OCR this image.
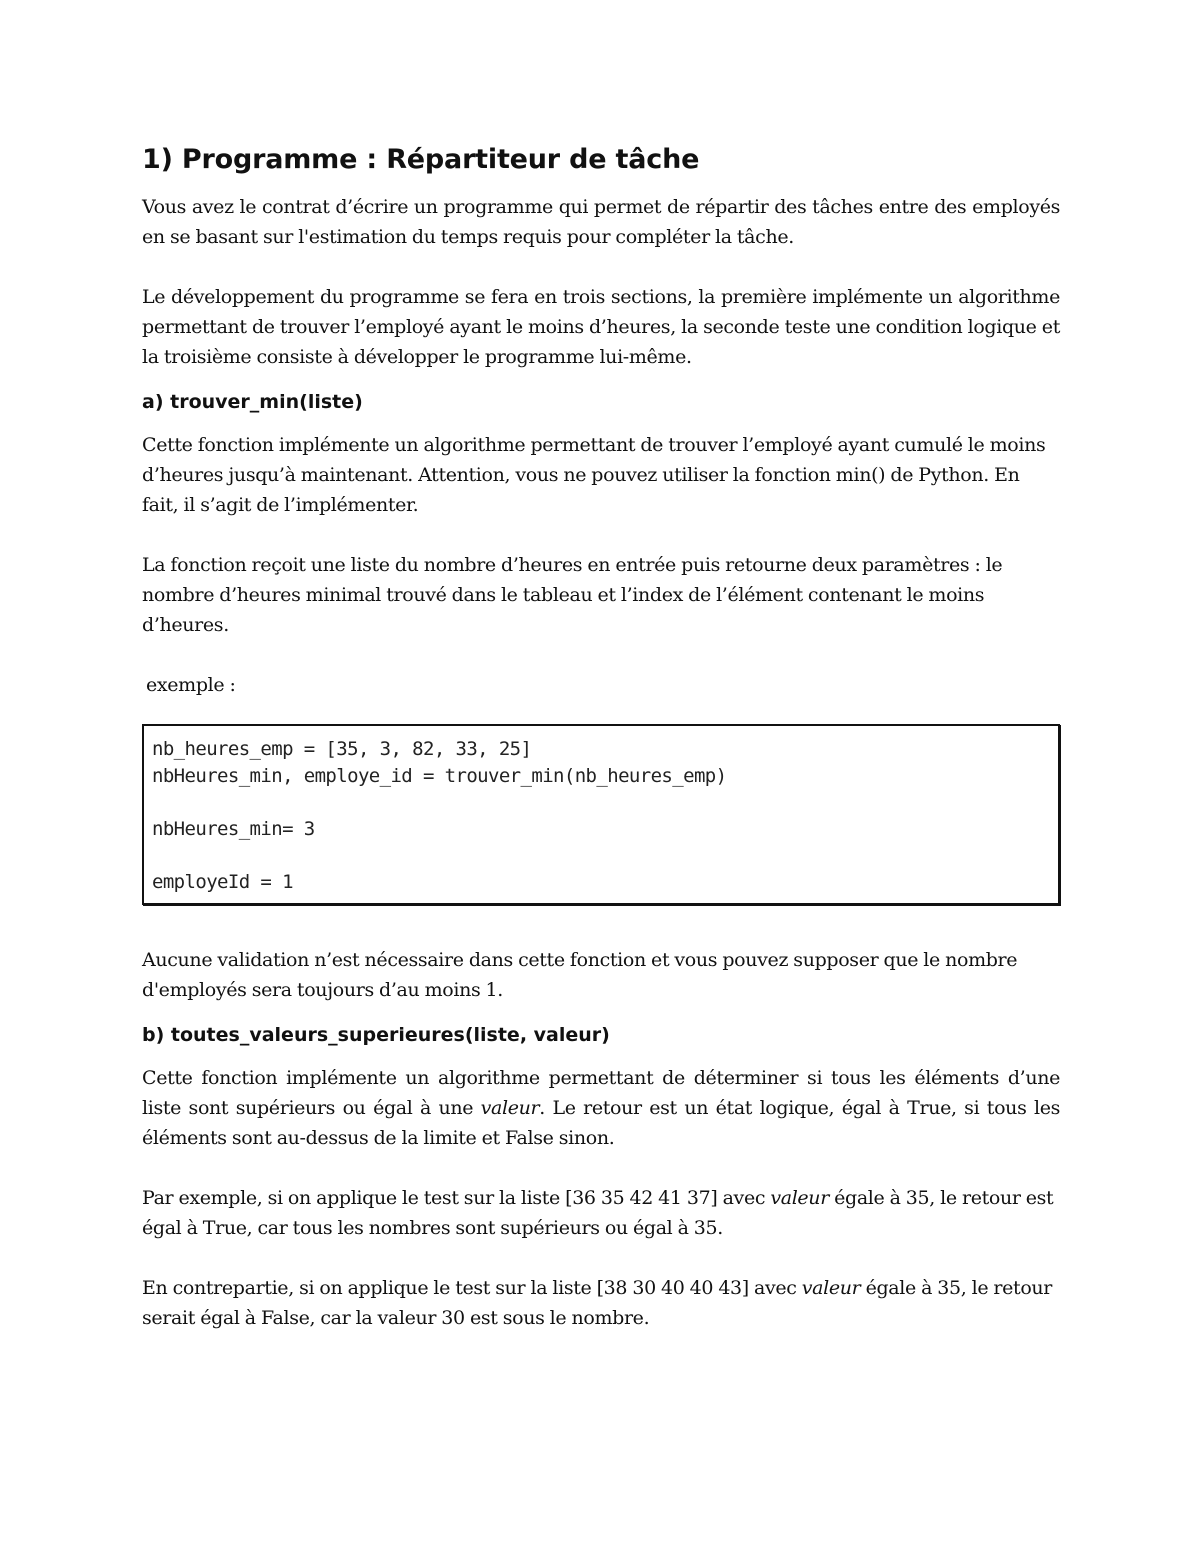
1) Programme : Répartiteur de tâche

Vous avez le contrat d’écrire un programme qui permet de répartir des tâches entre des employés en se basant sur l'estimation du temps requis pour compléter la tâche.

Le développement du programme se fera en trois sections, la première implémente un algorithme permettant de trouver l’employé ayant le moins d’heures, la seconde teste une condition logique et la troisième consiste à développer le programme lui-même.

a) trouver_min(liste)

Cette fonction implémente un algorithme permettant de trouver l’employé ayant cumulé le moins d’heures jusqu’à maintenant. Attention, vous ne pouvez utiliser la fonction min() de Python. En fait, il s’agit de l’implémenter.

La fonction reçoit une liste du nombre d’heures en entrée puis retourne deux paramètres : le nombre d’heures minimal trouvé dans le tableau et l’index de l’élément contenant le moins d’heures.

exemple :

nb_heures_emp = [35, 3, 82, 33, 25]
nbHeures_min, employe_id = trouver_min(nb_heures_emp)
nbHeures_min= 3
employeId = 1

Aucune validation n’est nécessaire dans cette fonction et vous pouvez supposer que le nombre d'employés sera toujours d’au moins 1.

b) toutes_valeurs_superieures(liste, valeur)

Cette fonction implémente un algorithme permettant de déterminer si tous les éléments d’une liste sont supérieurs ou égal à une valeur. Le retour est un état logique, égal à True, si tous les éléments sont au-dessus de la limite et False sinon.

Par exemple, si on applique le test sur la liste [36 35 42 41 37] avec valeur égale à 35, le retour est égal à True, car tous les nombres sont supérieurs ou égal à 35.

En contrepartie, si on applique le test sur la liste [38 30 40 40 43] avec valeur égale à 35, le retour serait égal à False, car la valeur 30 est sous le nombre.
